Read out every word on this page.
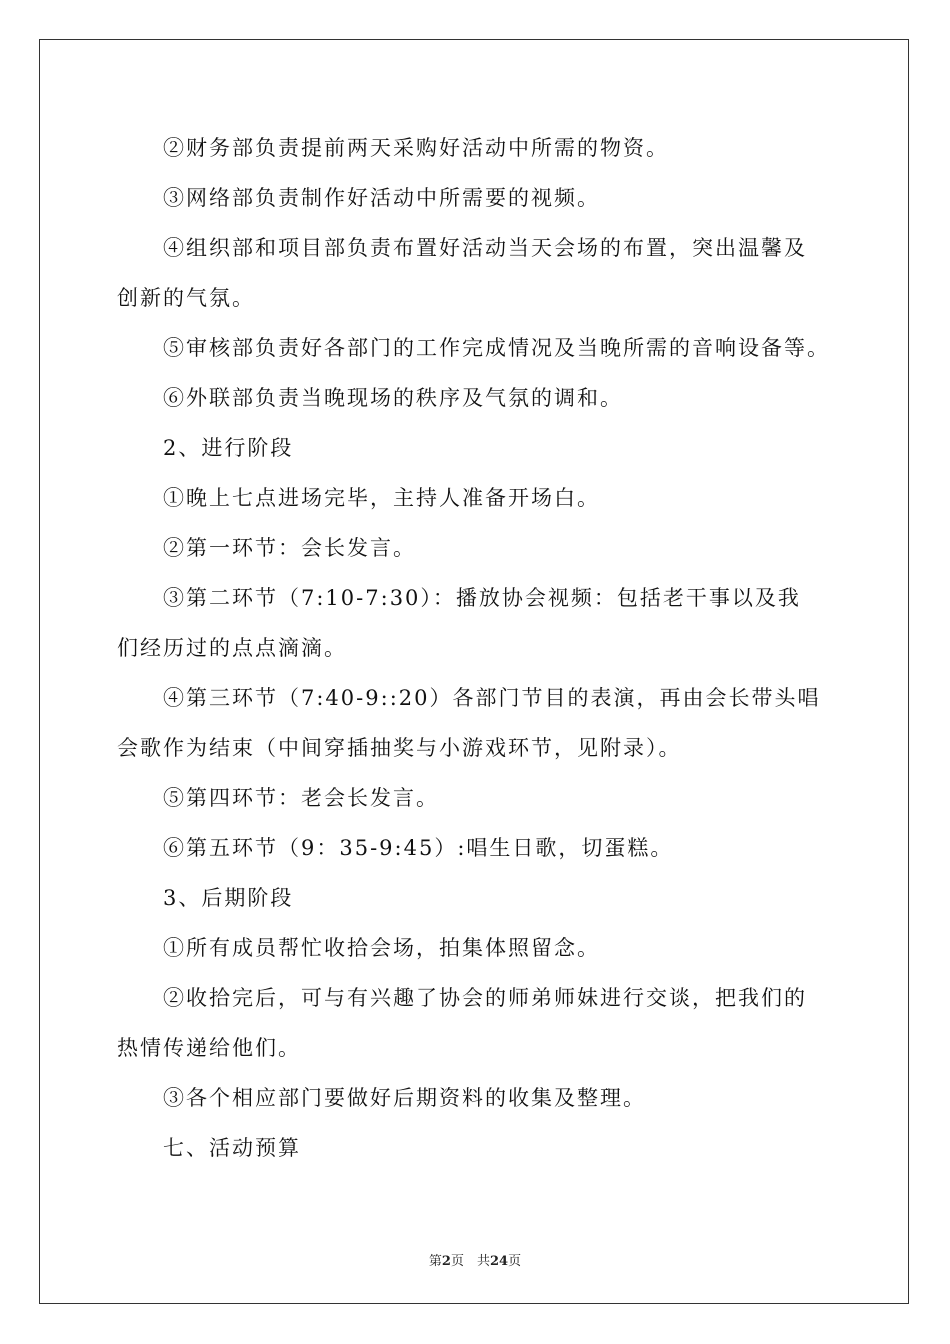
②财务部负责提前两天采购好活动中所需的物资。
③网络部负责制作好活动中所需要的视频。
④组织部和项目部负责布置好活动当天会场的布置，突出温馨及
创新的气氛。
⑤审核部负责好各部门的工作完成情况及当晚所需的音响设备等。
⑥外联部负责当晚现场的秩序及气氛的调和。
2、进行阶段
①晚上七点进场完毕，主持人准备开场白。
②第一环节：会长发言。
③第二环节（7:10-7:30）：播放协会视频：包括老干事以及我
们经历过的点点滴滴。
④第三环节（7:40-9::20）各部门节目的表演，再由会长带头唱
会歌作为结束（中间穿插抽奖与小游戏环节，见附录）。
⑤第四环节：老会长发言。
⑥第五环节（9：35-9:45）:唱生日歌，切蛋糕。
3、后期阶段
①所有成员帮忙收拾会场，拍集体照留念。
②收拾完后，可与有兴趣了协会的师弟师妹进行交谈，把我们的
热情传递给他们。
③各个相应部门要做好后期资料的收集及整理。
七、活动预算
第2页　共24页
